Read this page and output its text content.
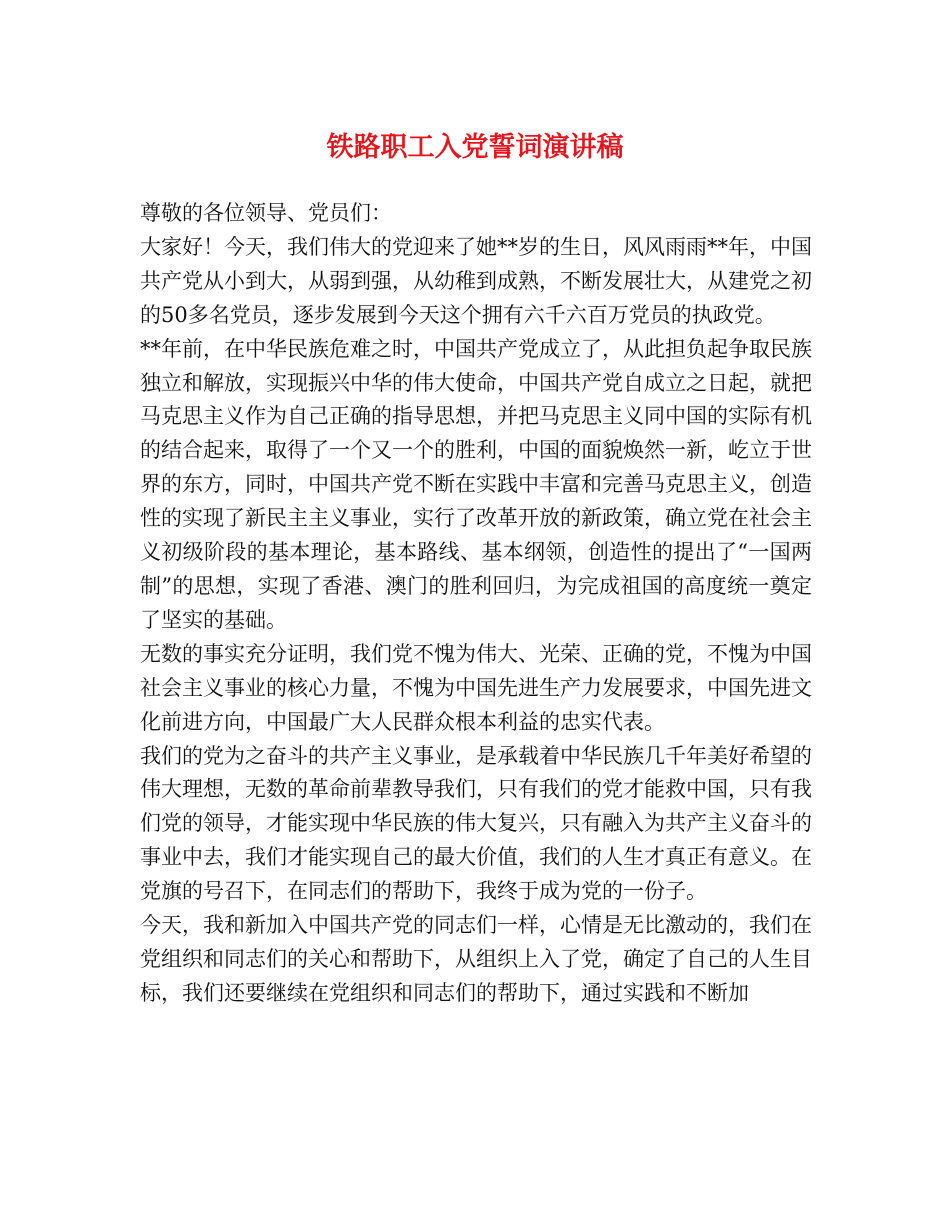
铁路职工入党誓词演讲稿

尊敬的各位领导、党员们：

大家好！今天，我们伟大的党迎来了她**岁的生日，风风雨雨**年，中国共产党从小到大，从弱到强，从幼稚到成熟，不断发展壮大，从建党之初的50多名党员，逐步发展到今天这个拥有六千六百万党员的执政党。

**年前，在中华民族危难之时，中国共产党成立了，从此担负起争取民族独立和解放，实现振兴中华的伟大使命，中国共产党自成立之日起，就把马克思主义作为自己正确的指导思想，并把马克思主义同中国的实际有机的结合起来，取得了一个又一个的胜利，中国的面貌焕然一新，屹立于世界的东方，同时，中国共产党不断在实践中丰富和完善马克思主义，创造性的实现了新民主主义事业，实行了改革开放的新政策，确立党在社会主义初级阶段的基本理论，基本路线、基本纲领，创造性的提出了“一国两制”的思想，实现了香港、澳门的胜利回归，为完成祖国的高度统一奠定了坚实的基础。

无数的事实充分证明，我们党不愧为伟大、光荣、正确的党，不愧为中国社会主义事业的核心力量，不愧为中国先进生产力发展要求，中国先进文化前进方向，中国最广大人民群众根本利益的忠实代表。

我们的党为之奋斗的共产主义事业，是承载着中华民族几千年美好希望的伟大理想，无数的革命前辈教导我们，只有我们的党才能救中国，只有我们党的领导，才能实现中华民族的伟大复兴，只有融入为共产主义奋斗的事业中去，我们才能实现自己的最大价值，我们的人生才真正有意义。在党旗的号召下，在同志们的帮助下，我终于成为党的一份子。

今天，我和新加入中国共产党的同志们一样，心情是无比激动的，我们在党组织和同志们的关心和帮助下，从组织上入了党，确定了自己的人生目标，我们还要继续在党组织和同志们的帮助下，通过实践和不断加
